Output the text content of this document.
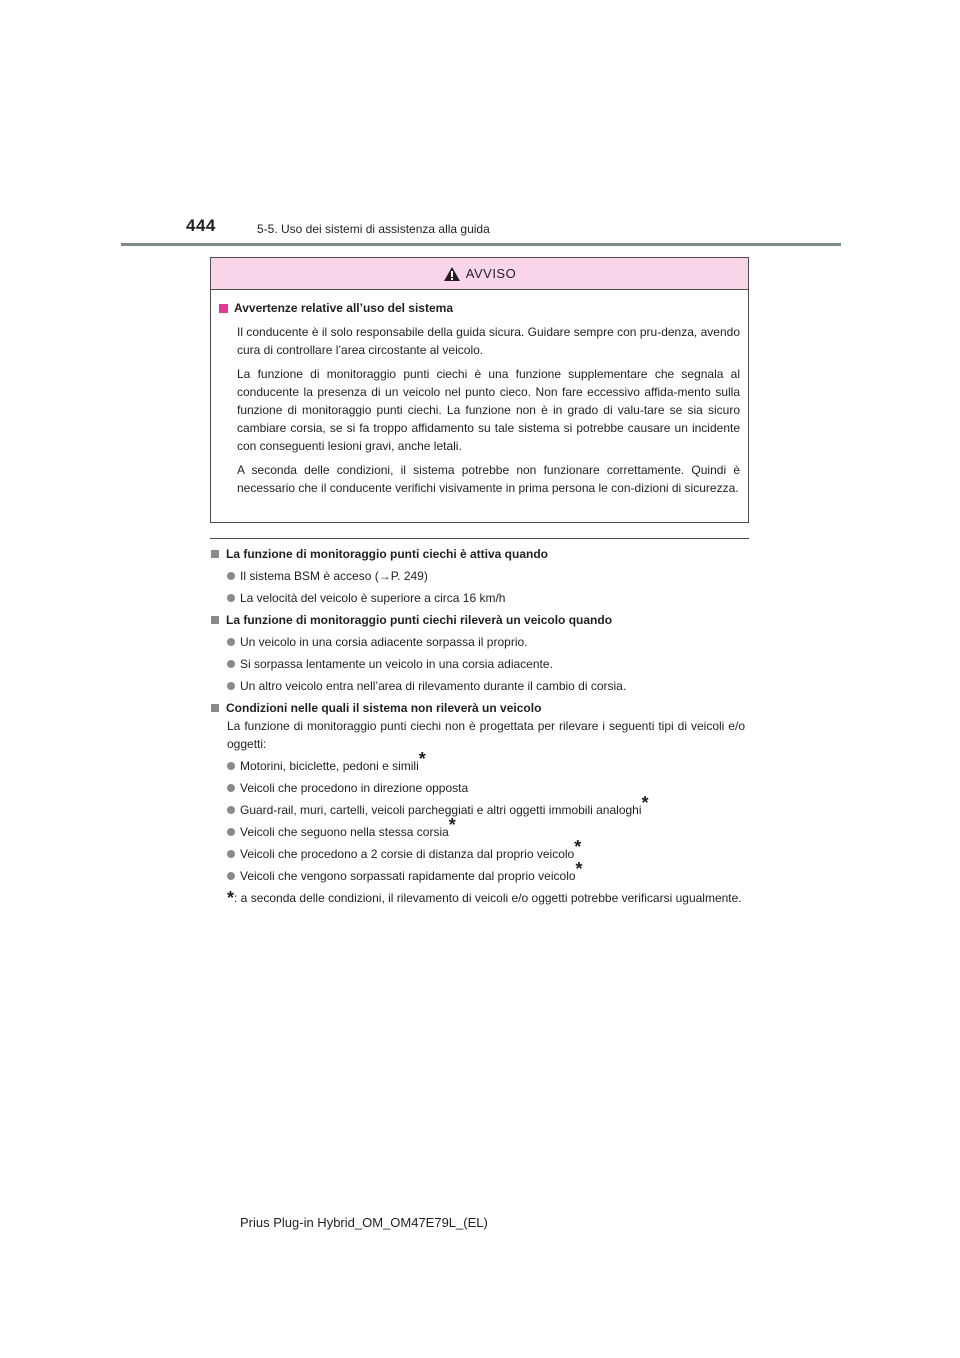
444	5-5. Uso dei sistemi di assistenza alla guida
AVVISO
Avvertenze relative all’uso del sistema
Il conducente è il solo responsabile della guida sicura. Guidare sempre con pru-denza, avendo cura di controllare l’area circostante al veicolo.
La funzione di monitoraggio punti ciechi è una funzione supplementare che segnala al conducente la presenza di un veicolo nel punto cieco. Non fare eccessivo affida-mento sulla funzione di monitoraggio punti ciechi. La funzione non è in grado di valu-tare se sia sicuro cambiare corsia, se si fa troppo affidamento su tale sistema si potrebbe causare un incidente con conseguenti lesioni gravi, anche letali.
A seconda delle condizioni, il sistema potrebbe non funzionare correttamente. Quindi è necessario che il conducente verifichi visivamente in prima persona le con-dizioni di sicurezza.
La funzione di monitoraggio punti ciechi è attiva quando
Il sistema BSM è acceso (→P. 249)
La velocità del veicolo è superiore a circa 16 km/h
La funzione di monitoraggio punti ciechi rileverà un veicolo quando
Un veicolo in una corsia adiacente sorpassa il proprio.
Si sorpassa lentamente un veicolo in una corsia adiacente.
Un altro veicolo entra nell’area di rilevamento durante il cambio di corsia.
Condizioni nelle quali il sistema non rileverà un veicolo
La funzione di monitoraggio punti ciechi non è progettata per rilevare i seguenti tipi di veicoli e/o oggetti:
Motorini, biciclette, pedoni e simili*
Veicoli che procedono in direzione opposta
Guard-rail, muri, cartelli, veicoli parcheggiati e altri oggetti immobili analoghi*
Veicoli che seguono nella stessa corsia*
Veicoli che procedono a 2 corsie di distanza dal proprio veicolo*
Veicoli che vengono sorpassati rapidamente dal proprio veicolo*
* : a seconda delle condizioni, il rilevamento di veicoli e/o oggetti potrebbe verificarsi ugualmente.
Prius Plug-in Hybrid_OM_OM47E79L_(EL)
